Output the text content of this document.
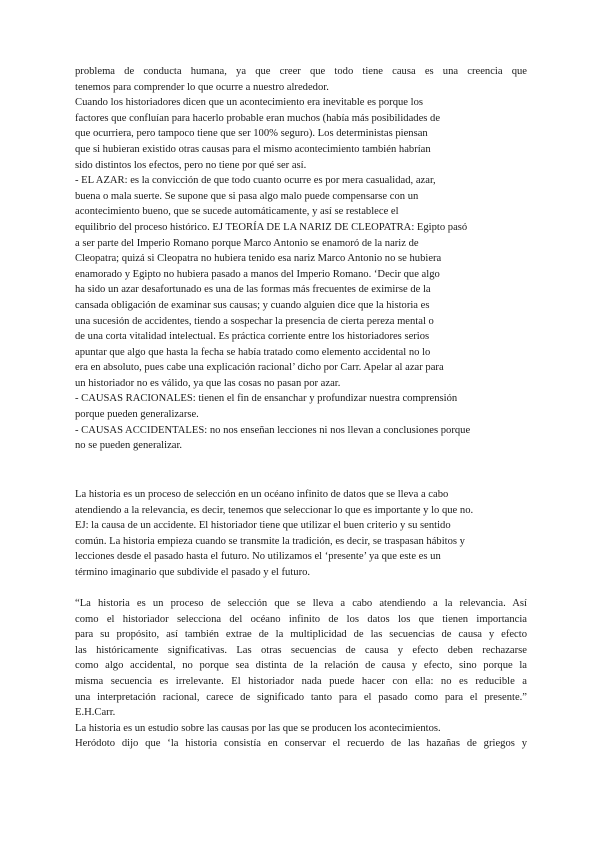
problema de conducta humana, ya que creer que todo tiene causa es una creencia que
tenemos para comprender lo que ocurre a nuestro alrededor.
Cuando los historiadores dicen que un acontecimiento era inevitable es porque los
factores que confluían para hacerlo probable eran muchos (había más posibilidades de
que ocurriera, pero tampoco tiene que ser 100% seguro). Los deterministas piensan
que si hubieran existido otras causas para el mismo acontecimiento también habrían
sido distintos los efectos, pero no tiene por qué ser así.
- EL AZAR: es la convicción de que todo cuanto ocurre es por mera casualidad, azar,
buena o mala suerte. Se supone que si pasa algo malo puede compensarse con un
acontecimiento bueno, que se sucede automáticamente, y así se restablece el
equilibrio del proceso histórico. EJ TEORÍA DE LA NARIZ DE CLEOPATRA: Egipto pasó
a ser parte del Imperio Romano porque Marco Antonio se enamoró de la nariz de
Cleopatra; quizá si Cleopatra no hubiera tenido esa nariz Marco Antonio no se hubiera
enamorado y Egipto no hubiera pasado a manos del Imperio Romano. ‘Decir que algo
ha sido un azar desafortunado es una de las formas más frecuentes de eximirse de la
cansada obligación de examinar sus causas; y cuando alguien dice que la historia es
una sucesión de accidentes, tiendo a sospechar la presencia de cierta pereza mental o
de una corta vitalidad intelectual. Es práctica corriente entre los historiadores serios
apuntar que algo que hasta la fecha se había tratado como elemento accidental no lo
era en absoluto, pues cabe una explicación racional’ dicho por Carr. Apelar al azar para
un historiador no es válido, ya que las cosas no pasan por azar.
- CAUSAS RACIONALES: tienen el fin de ensanchar y profundizar nuestra comprensión
porque pueden generalizarse.
- CAUSAS ACCIDENTALES: no nos enseñan lecciones ni nos llevan a conclusiones porque
no se pueden generalizar.
La historia es un proceso de selección en un océano infinito de datos que se lleva a cabo
atendiendo a la relevancia, es decir, tenemos que seleccionar lo que es importante y lo que no.
EJ: la causa de un accidente. El historiador tiene que utilizar el buen criterio y su sentido
común. La historia empieza cuando se transmite la tradición, es decir, se traspasan hábitos y
lecciones desde el pasado hasta el futuro. No utilizamos el ‘presente’ ya que este es un
término imaginario que subdivide el pasado y el futuro.
“La historia es un proceso de selección que se lleva a cabo atendiendo a la relevancia. Así
como el historiador selecciona del océano infinito de los datos los que tienen importancia
para su propósito, así también extrae de la multiplicidad de las secuencias de causa y efecto
las históricamente significativas. Las otras secuencias de causa y efecto deben rechazarse
como algo accidental, no porque sea distinta de la relación de causa y efecto, sino porque la
misma secuencia es irrelevante. El historiador nada puede hacer con ella: no es reducible a
una interpretación racional, carece de significado tanto para el pasado como para el presente.”
E.H.Carr.
La historia es un estudio sobre las causas por las que se producen los acontecimientos.
Heródoto dijo que ‘la historia consistía en conservar el recuerdo de las hazañas de griegos y
